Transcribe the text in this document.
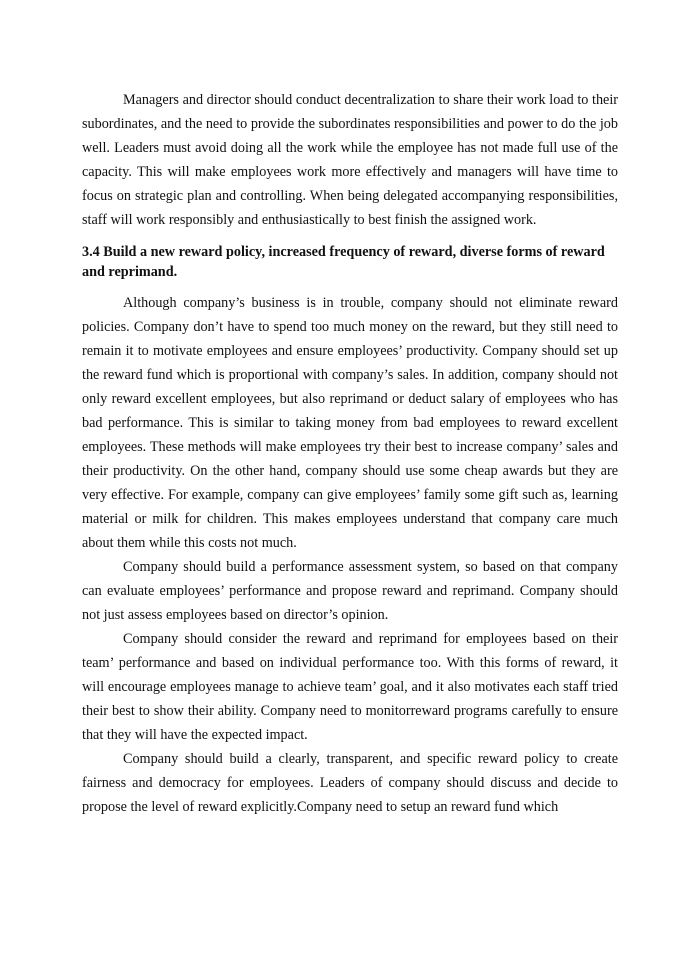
Managers and director should conduct decentralization to share their work load to their subordinates, and the need to provide the subordinates responsibilities and power to do the job well. Leaders must avoid doing all the work while the employee has not made full use of the capacity. This will make employees work more effectively and managers will have time to focus on strategic plan and controlling. When being delegated accompanying responsibilities, staff will work responsibly and enthusiastically to best finish the assigned work.

3.4 Build a new reward policy, increased frequency of reward, diverse forms of reward and reprimand.

Although company’s business is in trouble, company should not eliminate reward policies. Company don’t have to spend too much money on the reward, but they still need to remain it to motivate employees and ensure employees’ productivity. Company should set up the reward fund which is proportional with company’s sales. In addition, company should not only reward excellent employees, but also reprimand or deduct salary of employees who has bad performance. This is similar to taking money from bad employees to reward excellent employees. These methods will make employees try their best to increase company’ sales and their productivity. On the other hand, company should use some cheap awards but they are very effective. For example, company can give employees’ family some gift such as, learning material or milk for children. This makes employees understand that company care much about them while this costs not much.

Company should build a performance assessment system, so based on that company can evaluate employees’ performance and propose reward and reprimand. Company should not just assess employees based on director’s opinion.

Company should consider the reward and reprimand for employees based on their team’ performance and based on individual performance too. With this forms of reward, it will encourage employees manage to achieve team’ goal, and it also motivates each staff tried their best to show their ability. Company need to monitorreward programs carefully to ensure that they will have the expected impact.

Company should build a clearly, transparent, and specific reward policy to create fairness and democracy for employees. Leaders of company should discuss and decide to propose the level of reward explicitly.Company need to setup an reward fund which
